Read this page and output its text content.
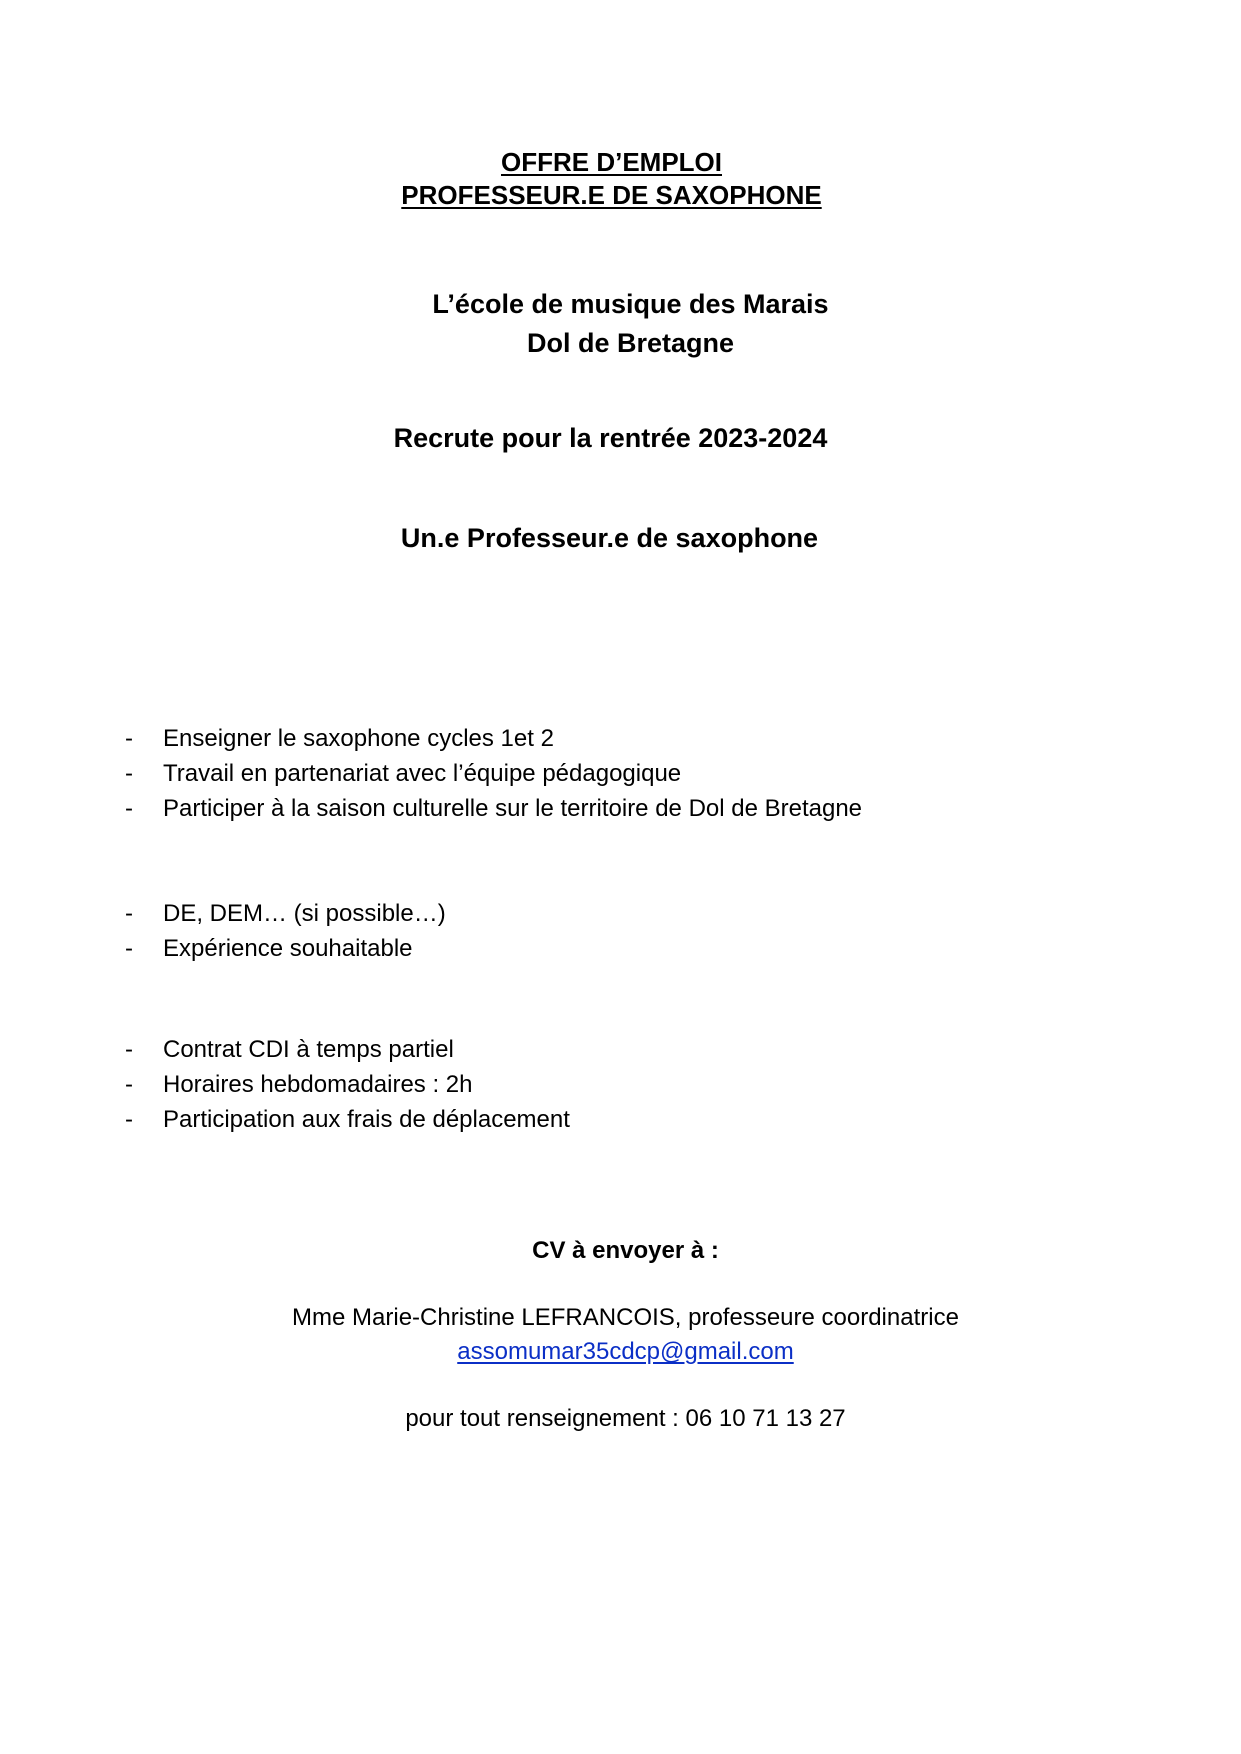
OFFRE D’EMPLOI
PROFESSEUR.E DE SAXOPHONE
L’école de musique des Marais
Dol de Bretagne
Recrute pour la rentrée 2023-2024
Un.e Professeur.e de saxophone
- Enseigner le saxophone cycles 1et 2
- Travail en partenariat avec l’équipe pédagogique
- Participer à la saison culturelle sur le territoire de Dol de Bretagne
- DE, DEM… (si possible…)
- Expérience souhaitable
- Contrat CDI à temps partiel
- Horaires hebdomadaires : 2h
- Participation aux frais de déplacement
CV à envoyer à :
Mme Marie-Christine LEFRANCOIS, professeure coordinatrice
assomumar35cdcp@gmail.com
pour tout renseignement : 06 10 71 13 27
